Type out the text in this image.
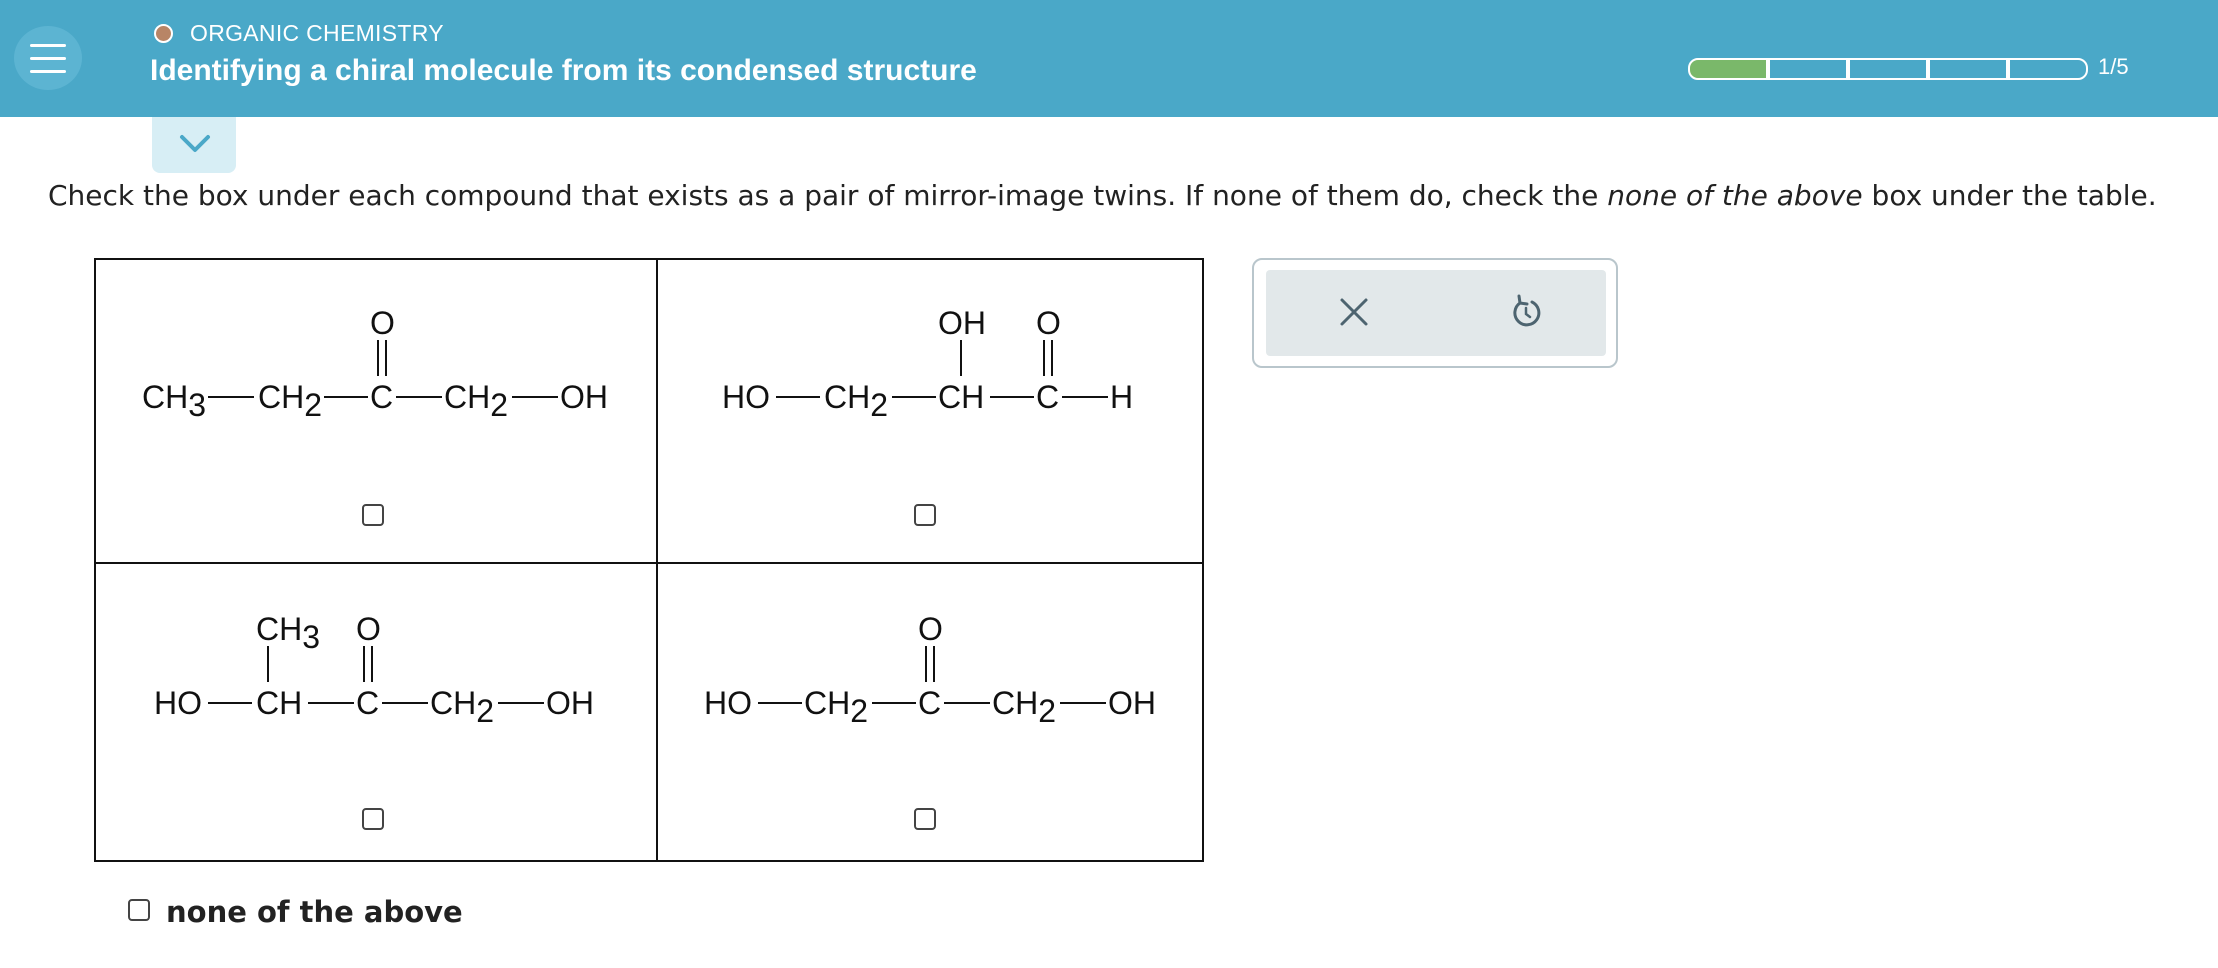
ORGANIC CHEMISTRY
Identifying a chiral molecule from its condensed structure	1/5
Check the box under each compound that exists as a pair of mirror-image twins. If none of them do, check the none of the above box under the table.
CH3 CH2 C CH2 OH
O
HO CH2 CH C H
OH O
HO CH C CH2 OH
CH3 O
HO CH2 C CH2 OH
O
none of the above
